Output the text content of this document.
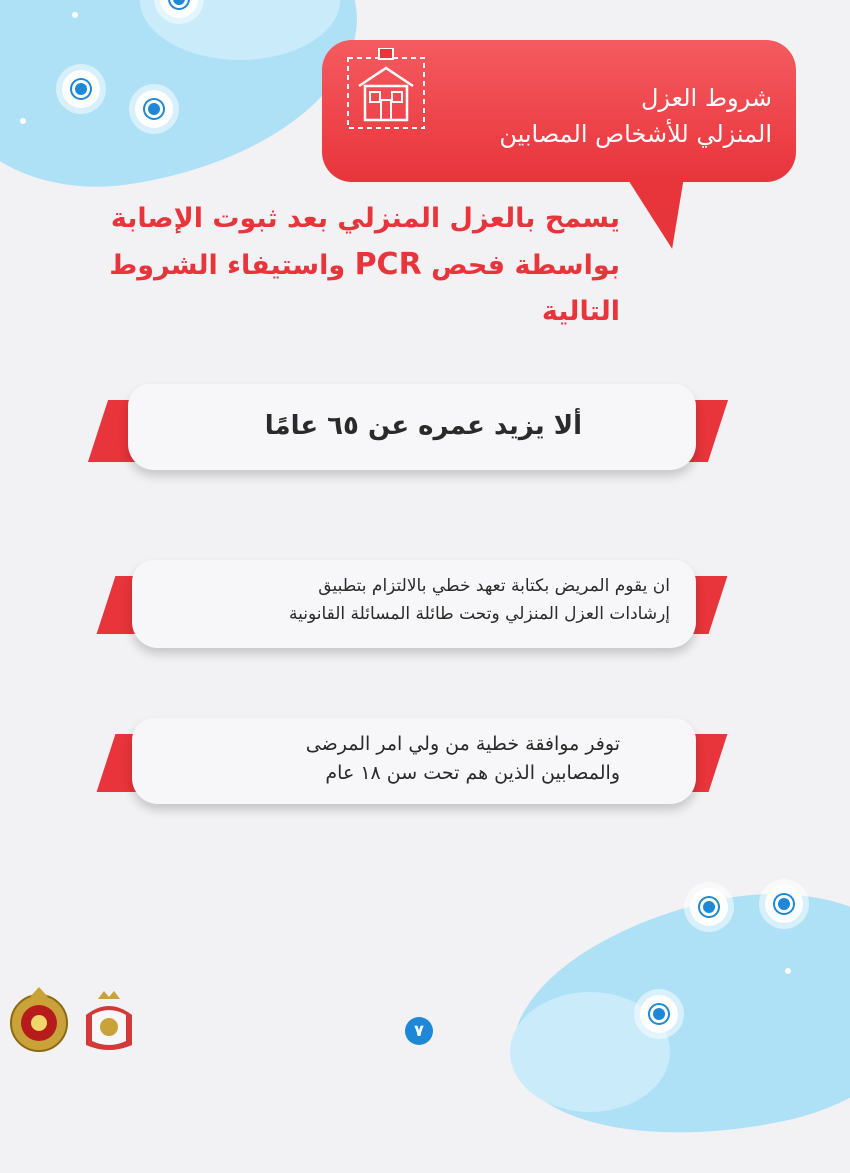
شروط العزل
المنزلي للأشخاص المصابين

يسمح بالعزل المنزلي بعد ثبوت الإصابة
بواسطة فحص PCR واستيفاء الشروط التالية

ألا يزيد عمره عن ٦٥ عامًا

ان يقوم المريض بكتابة تعهد خطي بالالتزام بتطبيق
إرشادات العزل المنزلي وتحت طائلة المسائلة القانونية

توفر موافقة خطية من ولي امر المرضى
والمصابين الذين هم تحت سن ١٨ عام

٧
